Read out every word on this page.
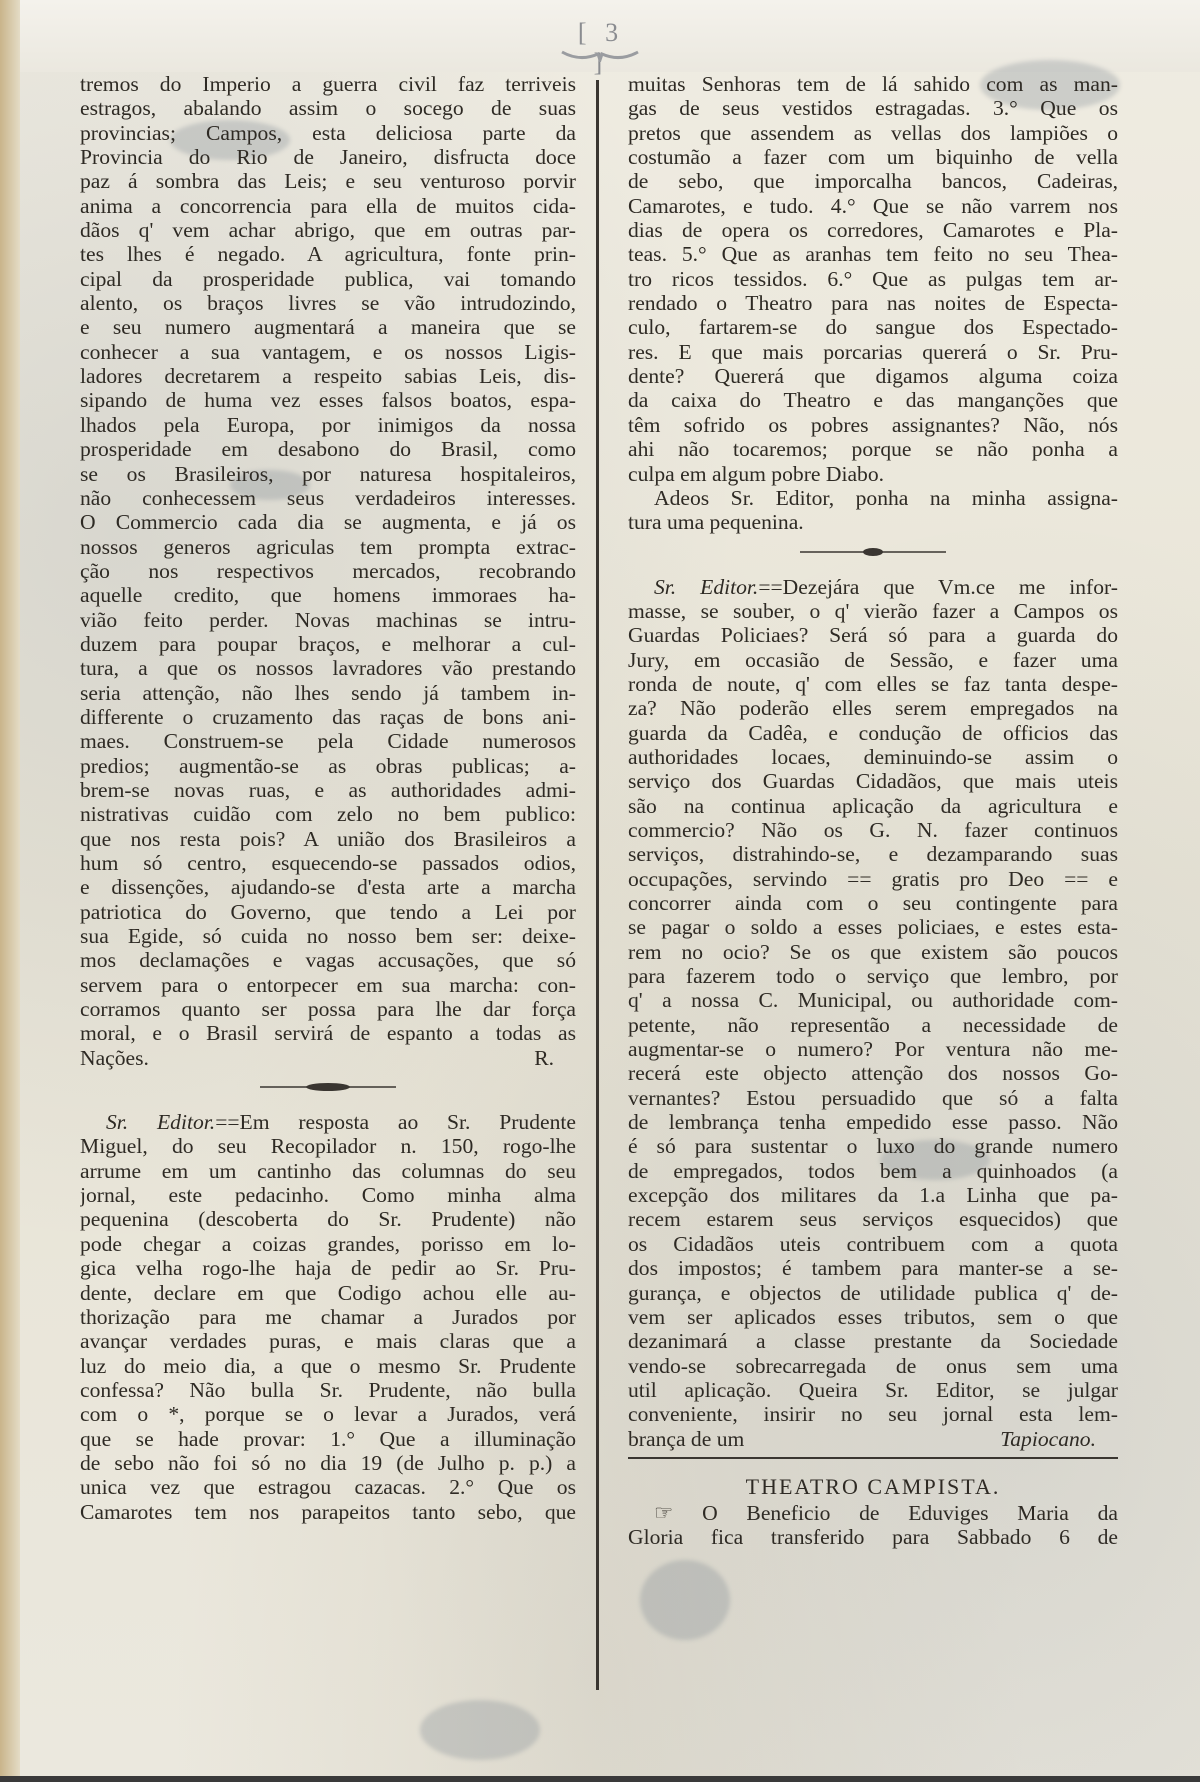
[ 3 ]
tremos do Imperio a guerra civil faz terriveis
estragos, abalando assim o socego de suas
provincias; Campos, esta deliciosa parte da
Provincia do Rio de Janeiro, disfructa doce
paz á sombra das Leis; e seu venturoso porvir
anima a concorrencia para ella de muitos cida-
dãos q' vem achar abrigo, que em outras par-
tes lhes é negado. A agricultura, fonte prin-
cipal da prosperidade publica, vai tomando
alento, os braços livres se vão intrudozindo,
e seu numero augmentará a maneira que se
conhecer a sua vantagem, e os nossos Ligis-
ladores decretarem a respeito sabias Leis, dis-
sipando de huma vez esses falsos boatos, espa-
lhados pela Europa, por inimigos da nossa
prosperidade em desabono do Brasil, como
se os Brasileiros, por naturesa hospitaleiros,
não conhecessem seus verdadeiros interesses.
O Commercio cada dia se augmenta, e já os
nossos generos agriculas tem prompta extrac-
ção nos respectivos mercados, recobrando
aquelle credito, que homens immoraes ha-
vião feito perder. Novas machinas se intru-
duzem para poupar braços, e melhorar a cul-
tura, a que os nossos lavradores vão prestando
seria attenção, não lhes sendo já tambem in-
differente o cruzamento das raças de bons ani-
maes. Construem-se pela Cidade numerosos
predios; augmentão-se as obras publicas; a-
brem-se novas ruas, e as authoridades admi-
nistrativas cuidão com zelo no bem publico:
que nos resta pois? A união dos Brasileiros a
hum só centro, esquecendo-se passados odios,
e dissenções, ajudando-se d'esta arte a marcha
patriotica do Governo, que tendo a Lei por
sua Egide, só cuida no nosso bem ser: deixe-
mos declamações e vagas accusações, que só
servem para o entorpecer em sua marcha: con-
corramos quanto ser possa para lhe dar força
moral, e o Brasil servirá de espanto a todas as
Nações.	R.
Sr. Editor.==Em resposta ao Sr. Prudente
Miguel, do seu Recopilador n. 150, rogo-lhe
arrume em um cantinho das columnas do seu
jornal, este pedacinho. Como minha alma
pequenina (descoberta do Sr. Prudente) não
pode chegar a coizas grandes, porisso em lo-
gica velha rogo-lhe haja de pedir ao Sr. Pru-
dente, declare em que Codigo achou elle au-
thorização para me chamar a Jurados por
avançar verdades puras, e mais claras que a
luz do meio dia, a que o mesmo Sr. Prudente
confessa? Não bulla Sr. Prudente, não bulla
com o *, porque se o levar a Jurados, verá
que se hade provar: 1.° Que a illuminação
de sebo não foi só no dia 19 (de Julho p. p.) a
unica vez que estragou cazacas. 2.° Que os
Camarotes tem nos parapeitos tanto sebo, que
muitas Senhoras tem de lá sahido com as man-
gas de seus vestidos estragadas. 3.° Que os
pretos que assendem as vellas dos lampiões o
costumão a fazer com um biquinho de vella
de sebo, que imporcalha bancos, Cadeiras,
Camarotes, e tudo. 4.° Que se não varrem nos
dias de opera os corredores, Camarotes e Pla-
teas. 5.° Que as aranhas tem feito no seu Thea-
tro ricos tessidos. 6.° Que as pulgas tem ar-
rendado o Theatro para nas noites de Especta-
culo, fartarem-se do sangue dos Espectado-
res. E que mais porcarias quererá o Sr. Pru-
dente? Quererá que digamos alguma coiza
da caixa do Theatro e das manganções que
têm sofrido os pobres assignantes? Não, nós
ahi não tocaremos; porque se não ponha a
culpa em algum pobre Diabo.
Adeos Sr. Editor, ponha na minha assigna-
tura uma pequenina.
Sr. Editor.==Dezejára que Vm.ce me infor-
masse, se souber, o q' vierão fazer a Campos os
Guardas Policiaes? Será só para a guarda do
Jury, em occasião de Sessão, e fazer uma
ronda de noute, q' com elles se faz tanta despe-
za? Não poderão elles serem empregados na
guarda da Cadêa, e condução de officios das
authoridades locaes, deminuindo-se assim o
serviço dos Guardas Cidadãos, que mais uteis
são na continua aplicação da agricultura e
commercio? Não os G. N. fazer continuos
serviços, distrahindo-se, e dezamparando suas
occupações, servindo == gratis pro Deo == e
concorrer ainda com o seu contingente para
se pagar o soldo a esses policiaes, e estes esta-
rem no ocio? Se os que existem são poucos
para fazerem todo o serviço que lembro, por
q' a nossa C. Municipal, ou authoridade com-
petente, não representão a necessidade de
augmentar-se o numero? Por ventura não me-
recerá este objecto attenção dos nossos Go-
vernantes? Estou persuadido que só a falta
de lembrança tenha empedido esse passo. Não
é só para sustentar o luxo do grande numero
de empregados, todos bem a quinhoados (a
excepção dos militares da 1.a Linha que pa-
recem estarem seus serviços esquecidos) que
os Cidadãos uteis contribuem com a quota
dos impostos; é tambem para manter-se a se-
gurança, e objectos de utilidade publica q' de-
vem ser aplicados esses tributos, sem o que
dezanimará a classe prestante da Sociedade
vendo-se sobrecarregada de onus sem uma
util aplicação. Queira Sr. Editor, se julgar
conveniente, insirir no seu jornal esta lem-
brança de um	Tapiocano.
THEATRO CAMPISTA.
☞ O Beneficio de Eduviges Maria da
Gloria fica transferido para Sabbado 6 de
